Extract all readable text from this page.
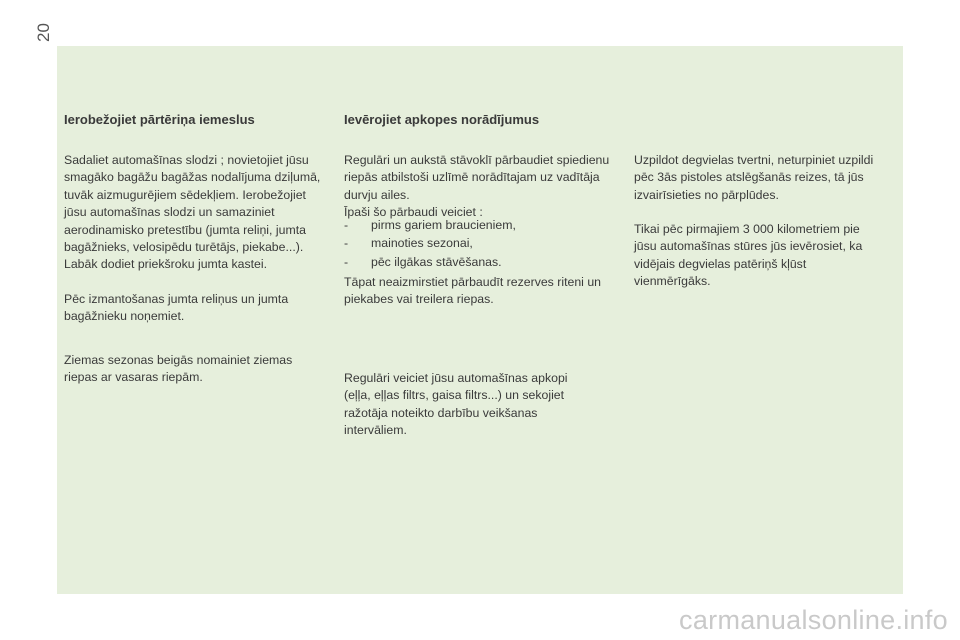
20
Ierobežojiet pārtēriņa iemeslus

Sadaliet automašīnas slodzi ; novietojiet jūsu smagāko bagāžu bagāžas nodalījuma dziļumā, tuvāk aizmugurējiem sēdekļiem. Ierobežojiet jūsu automašīnas slodzi un samaziniet aerodinamisko pretestību (jumta reliņi, jumta bagāžnieks, velosipēdu turētājs, piekabe...). Labāk dodiet priekšroku jumta kastei.

Pēc izmantošanas jumta reliņus un jumta bagāžnieku noņemiet.

Ziemas sezonas beigās nomainiet ziemas riepas ar vasaras riepām.

Ievērojiet apkopes norādījumus

Regulāri un aukstā stāvoklī pārbaudiet spiedienu riepās atbilstoši uzlīmē norādītajam uz vadītāja durvju ailes.

Īpaši šo pārbaudi veiciet :

- pirms gariem braucieniem,
- mainoties sezonai,
- pēc ilgākas stāvēšanas.

Tāpat neaizmirstiet pārbaudīt rezerves riteni un piekabes vai treilera riepas.

Regulāri veiciet jūsu automašīnas apkopi (eļļa, eļļas filtrs, gaisa filtrs...) un sekojiet ražotāja noteikto darbību veikšanas intervāliem.

Uzpildot degvielas tvertni, neturpiniet uzpildi pēc 3ās pistoles atslēgšanās reizes, tā jūs izvairīsieties no pārplūdes.

Tikai pēc pirmajiem 3 000 kilometriem pie jūsu automašīnas stūres jūs ievērosiet, ka vidējais degvielas patēriņš kļūst vienmērīgāks.

carmanualsonline.info
